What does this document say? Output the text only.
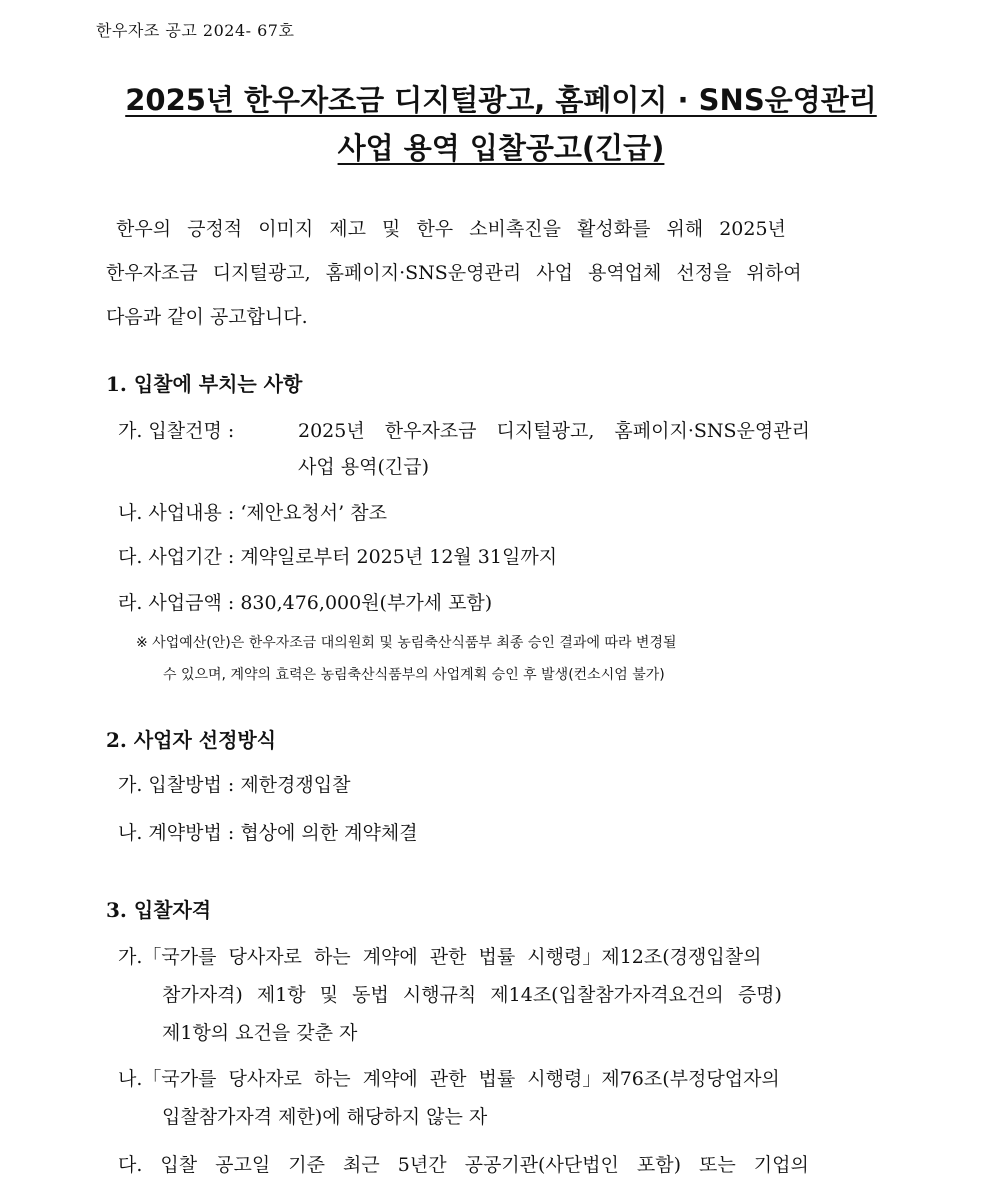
한우자조 공고 2024- 67호
2025년 한우자조금 디지털광고, 홈페이지 · SNS운영관리
사업 용역 입찰공고(긴급)
한우의 긍정적 이미지 제고 및 한우 소비촉진을 활성화를 위해 2025년
한우자조금 디지털광고, 홈페이지·SNS운영관리 사업 용역업체 선정을 위하여
다음과 같이 공고합니다.
1. 입찰에 부치는 사항
가. 입찰건명 :	2025년 한우자조금 디지털광고, 홈페이지·SNS운영관리
사업 용역(긴급)
나. 사업내용 : ‘제안요청서’ 참조
다. 사업기간 : 계약일로부터 2025년 12월 31일까지
라. 사업금액 : 830,476,000원(부가세 포함)
※ 사업예산(안)은 한우자조금 대의원회 및 농림축산식품부 최종 승인 결과에 따라 변경될
수 있으며, 계약의 효력은 농림축산식품부의 사업계획 승인 후 발생(컨소시엄 불가)
2. 사업자 선정방식
가. 입찰방법 : 제한경쟁입찰
나. 계약방법 : 협상에 의한 계약체결
3. 입찰자격
가.「국가를 당사자로 하는 계약에 관한 법률 시행령」제12조(경쟁입찰의
참가자격) 제1항 및 동법 시행규칙 제14조(입찰참가자격요건의 증명)
제1항의 요건을 갖춘 자
나.「국가를 당사자로 하는 계약에 관한 법률 시행령」제76조(부정당업자의
입찰참가자격 제한)에 해당하지 않는 자
다. 입찰 공고일 기준 최근 5년간 공공기관(사단법인 포함) 또는 기업의
